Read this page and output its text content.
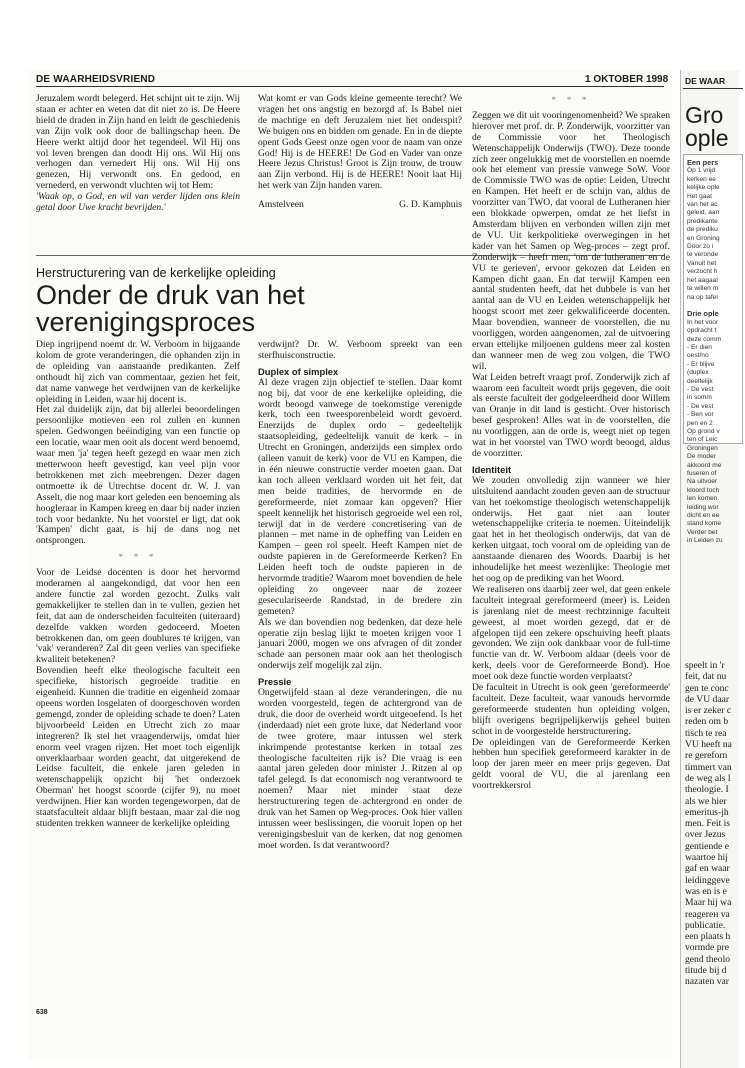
DE WAARHEIDSVRIEND	1 OKTOBER 1998

Jeruzalem wordt belegerd. Het schijnt uit te zijn. Wij staan er achter en weten dat dit niet zo is. De Heere hield de draden in Zijn hand en leidt de geschiedenis van Zijn volk ook door de ballingschap heen. De Heere werkt altijd door het tegendeel. Wil Hij ons vol leven brengen dan doodt Hij ons. Wil Hij ons verhogen dan vernedert Hij ons. Wil Hij ons genezen, Hij verwondt ons. En gedood, en vernederd, en verwondt vluchten wij tot Hem:

'Waak op, o God, en wil van verder lijden ons klein getal door Uwe kracht bevrijden.'

Wat komt er van Gods kleine gemeente terecht? We vragen het ons angstig en bezorgd af. Is Babel niet de machtige en deft Jeruzalem niet het onderspit? We buigen ons en bidden om genade. En in de diepte opent Gods Geest onze ogen voor de naam van onze God! Hij is de HEERE! De God en Vader van onze Heere Jezus Christus! Groot is Zijn trouw, de trouw aan Zijn verbond. Hij is de HEERE! Nooit laat Hij het werk van Zijn handen varen.

Amstelveen	G. D. Kamphuis
Herstructurering van de kerkelijke opleiding
Onder de druk van het verenigingsproces

Diep ingrijpend noemt dr. W. Verboom in bijgaande kolom de grote veranderingen, die ophanden zijn in de opleiding van aanstaande predikanten. Zelf onthoudt hij zich van commentaar, gezien het feit, dat name vanwege het verdwijnen van de kerkelijke opleiding in Leiden, waar hij docent is.

Het zal duidelijk zijn, dat bij allerlei beoordelingen persoonlijke motieven een rol zullen en kunnen spelen. Gedwongen beëindiging van een functie op een locatie, waar men ooit als docent werd benoemd, waar men 'ja' tegen heeft gezegd en waar men zich metterwoon heeft gevestigd, kan veel pijn voor betrokkenen met zich meebrengen. Dezer dagen ontmoette ik de Utrechtse docent dr. W. J. van Asselt, die nog maar kort geleden een benoeming als hoogleraar in Kampen kreeg en daar bij nader inzien toch voor bedankte. Nu het voorstel er ligt, dat ook 'Kampen' dicht gaat, is hij de dans nog net ontsprongen.

* * *

Voor de Leidse docenten is door het hervormd moderamen al aangekondigd, dat voor hen een andere functie zal worden gezocht. Zulks valt gemakkelijker te stellen dan in te vullen, gezien het feit, dat aan de onderscheiden faculteiten (uiteraard) dezelfde vakken worden gedoceerd. Moeten betrokkenen dan, om geen doublures te krijgen, van 'vak' veranderen? Zal dit geen verlies van specifieke kwaliteit betekenen?

Bovendien heeft elke theologische faculteit een specifieke, historisch gegroeide traditie en eigenheid. Kunnen die traditie en eigenheid zomaar opeens worden losgelaten of doorgeschoven worden gemengd, zonder de opleiding schade te doen? Laten bijvoorbeeld Leiden en Utrecht zich zo maar integreren? Ik stel het vraagenderwijs, omdat hier enorm veel vragen rijzen. Het moet toch eigenlijk onverklaarbaar worden geacht, dat uitgerekend de Leidse faculteit, die enkele jaren geleden in wetenschappelijk opzicht bij 'het onderzoek Oberman' het hoogst scoorde (cijfer 9), nu moet verdwijnen. Hier kan worden tegengeworpen, dat de staatsfaculteit aldaar blijft bestaan, maar zal die nog studenten trekken wanneer de kerkelijke opleiding

verdwijnt? Dr. W. Verboom spreekt van een sterfhuisconstructie.

Duplex of simplex

Al deze vragen zijn objectief te stellen. Daar komt nog bij, dat voor de ene kerkelijke opleiding, die wordt beoogd vanwege de toekomstige verenigde kerk, toch een tweesporenbeleid wordt gevoerd. Enerzijds de duplex ordo – gedeeltelijk staatsopleiding, gedeeltelijk vanuit de kerk – in Utrecht en Groningen, anderzijds een simplex ordo (alleen vanuit de kerk) voor de VU en Kampen, die in één nieuwe constructie verder moeten gaan. Dat kan toch alleen verklaard worden uit het feit, dat men beide tradities, de hervormde en de gereformeerde, niet zomaar kan opgeven? Hier speelt kennelijk het historisch gegroeide wel een rol, terwijl dat in de verdere concretisering van de plannen – met name in de opheffing van Leiden en Kampen – geen rol speelt. Heeft Kampen niet de oudste papieren in de Gereformeerde Kerken? En Leiden heeft toch de oudste papieren in de hervormde traditie? Waarom moet bovendien de hele opleiding zo ongeveer naar de zozeer geseculariseerde Randstad, in de bredere zin gemeten?

Als we dan bovendien nog bedenken, dat deze hele operatie zijn beslag lijkt te moeten krijgen voor 1 januari 2000, mogen we ons afvragen of dit zonder schade aan personen maar ook aan het theologisch onderwijs zelf mogelijk zal zijn.

Pressie

Ongetwijfeld staan al deze veranderingen, die nu worden voorgesteld, tegen de achtergrond van de druk, die door de overheid wordt uitgeoefend. Is het (inderdaad) niet een grote luxe, dat Nederland voor de twee grotere, maar intussen wel sterk inkrimpende protestantse kerken in totaal zes theologische faculteiten rijk is? Die vraag is een aantal jaren geleden door minister J. Ritzen al op tafel gelegd. Is dat economisch nog verantwoord te noemen? Maar niet minder staat deze herstructurering tegen de achtergrond en onder de druk van het Samen op Weg-proces. Ook hier vallen intussen weer beslissingen, die vooruit lopen op het verenigingsbesluit van de kerken, dat nog genomen moet worden. Is dat verantwoord?

* * *

Zeggen we dit uit vooringenomenheid? We spraken hierover met prof. dr. P. Zonderwijk, voorzitter van de Commissie voor het Theologisch Wetenschappelijk Onderwijs (TWO). Deze toonde zich zeer ongelukkig met de voorstellen en noemde ook het element van pressie vanwege SoW. Voor de Commissie TWO was de optie: Leiden, Utrecht en Kampen. Het heeft er de schijn van, aldus de voorzitter van TWO, dat vooral de Lutheranen hier een blokkade opwerpen, omdat ze het liefst in Amsterdam blijven en verbonden willen zijn met de VU. Uit kerkpolitieke overwegingen in het kader van het Samen op Weg-proces – zegt prof. Zonderwijk – heeft men, 'om de lutheranen en de VU te gerieven', ervoor gekozen dat Leiden en Kampen dicht gaan. En dat terwijl Kampen een aantal studenten heeft, dat het dubbele is van het aantal aan de VU en Leiden wetenschappelijk het hoogst scoort met zeer gekwalificeerde docenten. Maar bovendien, wanneer de voorstellen, die nu voorliggen, worden aangenomen, zal de uitvoering ervan ettelijke miljoenen guldens meer zal kosten dan wanneer men de weg zou volgen, die TWO wil.

Wat Leiden betreft vraagt prof. Zonderwijk zich af waarom een faculteit wordt prijs gegeven, die ooit als eerste faculteit der godgeleerdheid door Willem van Oranje in dit land is gesticht. Over historisch besef gesproken! Alles wat in de voorstellen, die nu voorliggen, aan de orde is, weegt niet op tegen wat in het voorstel van TWO wordt beoogd, aldus de voorzitter.

Identiteit

We zouden onvolledig zijn wanneer we hier uitsluitend aandacht zouden geven aan de structuur van het toekomstige theologisch wetenschappelijk onderwijs. Het gaat niet aan louter wetenschappelijke criteria te noemen. Uiteindelijk gaat het in het theologisch onderwijs, dat van de kerken uitgaat, toch vooral om de opleiding van de aanstaande dienaren des Woords. Daarbij is het inhoudelijke het meest wezenlijke: Theologie met het oog op de prediking van het Woord.

We realiseren ons daarbij zeer wel, dat geen enkele faculteit integraal gereformeerd (meer) is. Leiden is jarenlang niet de meest rechtzinnige faculteit geweest, al moet worden gezegd, dat er de afgelopen tijd een zekere opschuiving heeft plaats gevonden. We zijn ook dankbaar voor de full-time functie van dr. W. Verboom aldaar (deels voor de kerk, deels voor de Gereformeerde Bond). Hoe moet ook deze functie worden verplaatst?

De faculteit in Utrecht is ook geen 'gereformeerde' faculteit. Deze faculteit, waar vanouds hervormde gereformeerde studenten hun opleiding volgen, blijft overigens begrijpelijkerwijs geheel buiten schot in de voorgestelde herstructurering.

De opleidingen van de Gereformeerde Kerken hebben hun specifiek gereformeerd karakter in de loop der jaren meer en meer prijs gegeven. Dat geldt vooral de VU, die al jarenlang een voortrekkersrol

638
DE WAAR
Gro
ople
Een pers
Op 1 vrijd
kerken ee
kelijke ople
Het gaat
van het ac
geleid, aan
predikante
de prediku
en Groning
Door zo i
te veronde
Vanuit het
verzocht h
het aagaal
te willen m
na op tafel

Drie ople
In het voor
opdracht t
deze comm
- Er dien
oest/no
- Er blijve
(duplex
deeltelijk
- De vest
in somm
- De vest
- Ben vor
pen en 2
Op grond v
ten of Leic
Groningen
De moder
akkoord me
fuseren of
Na uitvoer
kloord toch
len komen.
leiding wor
dicht en ee
stand kome
Verder bet
in Leiden zu
speelt in 'r
feit, dat nu
gen te conc
de VU daar
is er zeker c
reden om b
tisch te rea
VU heeft na
re gereforn
timmert van
de weg als l
theologie. I
als we hier
emeritus-jh
men. Feit is
over Jezus
gentiende e
waartoe hij
gaf en waar
leidinggeve
was en is e
Maar hij wa
reagerен va
publicatie.
een plaats h
vormde pre
gend theolo
titude bij d
nazaten var
